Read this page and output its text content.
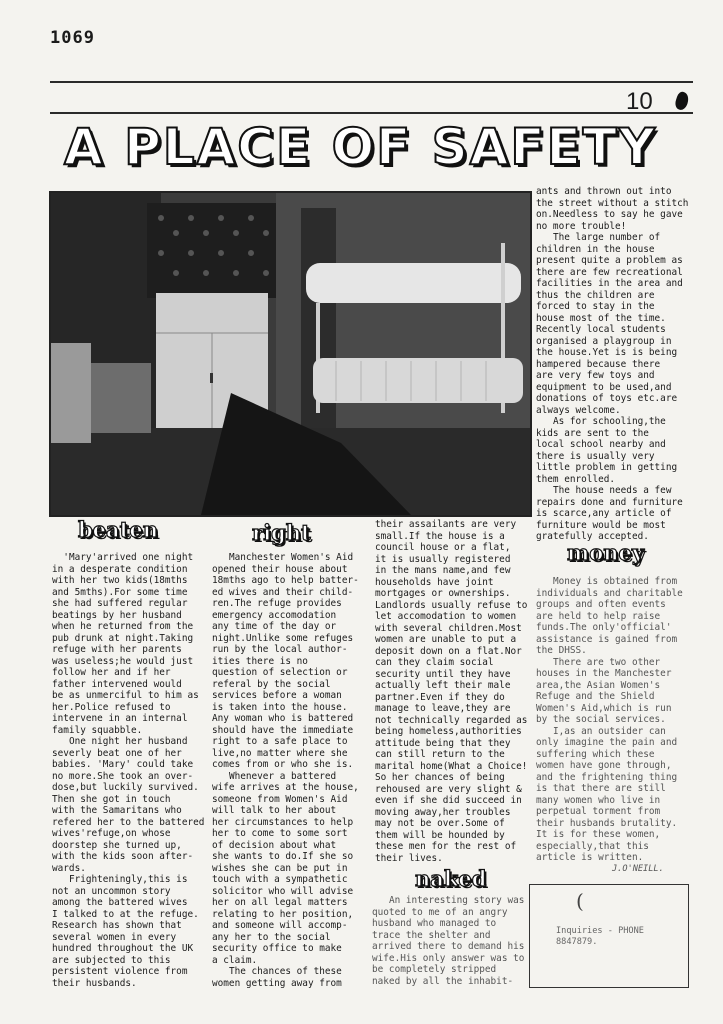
1069
10
A PLACE OF SAFETY
ants and thrown out into
the street without a stitch
on.Needless to say he gave
no more trouble!
The large number of
children in the house
present quite a problem as
there are few recreational
facilities in the area and
thus the children are
forced to stay in the
house most of the time.
Recently local students
organised a playgroup in
the house.Yet is is being
hampered because there
are very few toys and
equipment to be used,and
donations of toys etc.are
always welcome.
As for schooling,the
kids are sent to the
local school nearby and
there is usually very
little problem in getting
them enrolled.
The house needs a few
repairs done and furniture
is scarce,any article of
furniture would be most
gratefully accepted.
beaten	right
money
naked
'Mary'arrived one night
in a desperate condition
with her two kids(18mths
and 5mths).For some time
she had suffered regular
beatings by her husband
when he returned from the
pub drunk at night.Taking
refuge with her parents
was useless;he would just
follow her and if her
father intervened would
be as unmerciful to him as
her.Police refused to
intervene in an internal
family squabble.
One night her husband
severly beat one of her
babies. 'Mary' could take
no more.She took an over-
dose,but luckily survived.
Then she got in touch
with the Samaritans who
refered her to the battered
wives'refuge,on whose
doorstep she turned up,
with the kids soon after-
wards.
Frighteningly,this is
not an uncommon story
among the battered wives
I talked to at the refuge.
Research has shown that
several women in every
hundred throughout the UK
are subjected to this
persistent violence from
their husbands.
Manchester Women's Aid
opened their house about
18mths ago to help batter-
ed wives and their child-
ren.The refuge provides
emergency accomodation
any time of the day or
night.Unlike some refuges
run by the local author-
ities there is no
question of selection or
referal by the social
services before a woman
is taken into the house.
Any woman who is battered
should have the immediate
right to a safe place to
live,no matter where she
comes from or who she is.
Whenever a battered
wife arrives at the house,
someone from Women's Aid
will talk to her about
her circumstances to help
her to come to some sort
of decision about what
she wants to do.If she so
wishes she can be put in
touch with a sympathetic
solicitor who will advise
her on all legal matters
relating to her position,
and someone will accomp-
any her to the social
security office to make
a claim.
The chances of these
women getting away from
their assailants are very
small.If the house is a
council house or a flat,
it is usually registered
in the mans name,and few
households have joint
mortgages or ownerships.
Landlords usually refuse to
let accomodation to women
with several children.Most
women are unable to put a
deposit down on a flat.Nor
can they claim social
security until they have
actually left their male
partner.Even if they do
manage to leave,they are
not technically regarded as
being homeless,authorities
attitude being that they
can still return to the
marital home(What a Choice!
So her chances of being
rehoused are very slight &
even if she did succeed in
moving away,her troubles
may not be over.Some of
them will be hounded by
these men for the rest of
their lives.
An interesting story was
quoted to me of an angry
husband who managed to
trace the shelter and
arrived there to demand his
wife.His only answer was to
be completely stripped
naked by all the inhabit-
Money is obtained from
individuals and charitable
groups and often events
are held to help raise
funds.The only'official'
assistance is gained from
the DHSS.
There are two other
houses in the Manchester
area,the Asian Women's
Refuge and the Shield
Women's Aid,which is run
by the social services.
I,as an outsider can
only imagine the pain and
suffering which these
women have gone through,
and the frightening thing
is that there are still
many women who live in
perpetual torment from
their husbands brutality.
It is for these women,
especially,that this
article is written.
J.O'NEILL.
(
Inquiries - PHONE
8847879.
